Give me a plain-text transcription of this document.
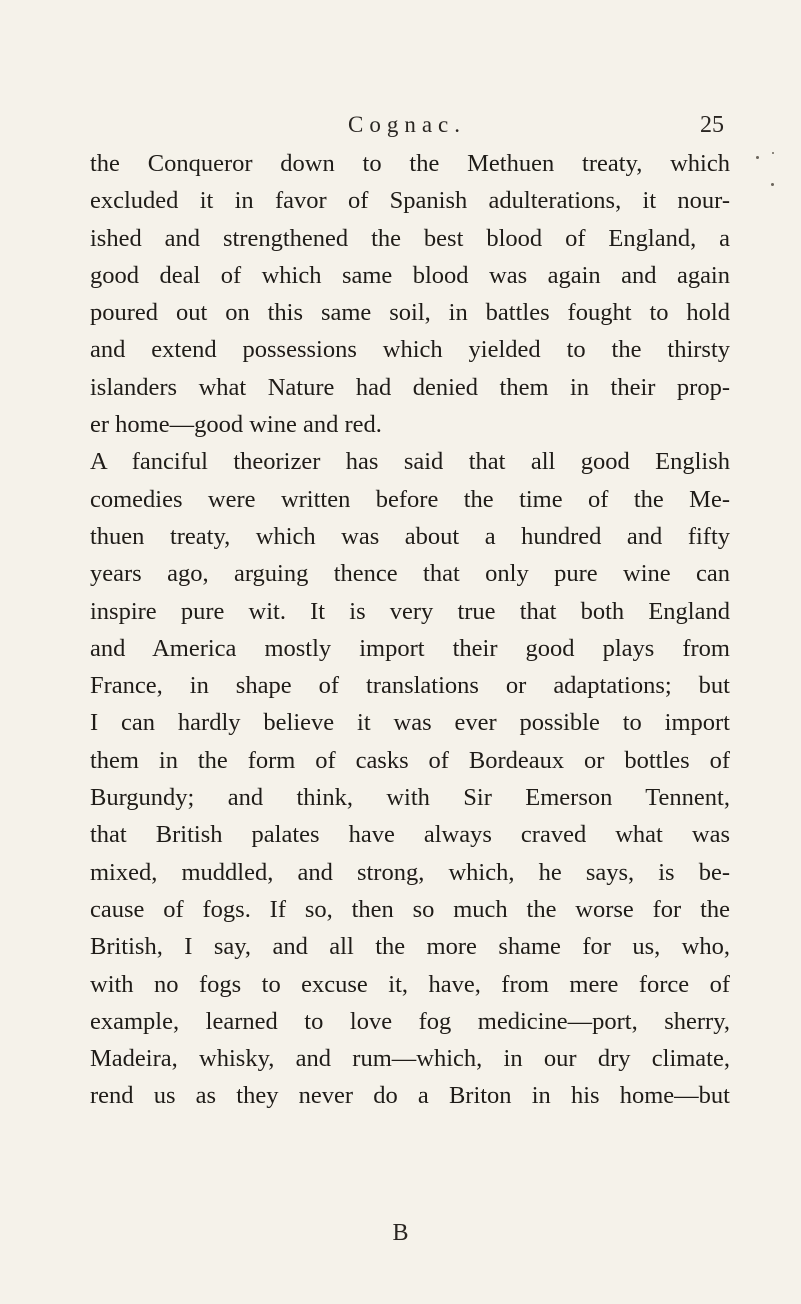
Cognac.	25
the Conqueror down to the Methuen treaty, which
excluded it in favor of Spanish adulterations, it nour-
ished and strengthened the best blood of England, a
good deal of which same blood was again and again
poured out on this same soil, in battles fought to hold
and extend possessions which yielded to the thirsty
islanders what Nature had denied them in their prop-
er home—good wine and red.
A fanciful theorizer has said that all good English
comedies were written before the time of the Me-
thuen treaty, which was about a hundred and fifty
years ago, arguing thence that only pure wine can
inspire pure wit. It is very true that both England
and America mostly import their good plays from
France, in shape of translations or adaptations; but
I can hardly believe it was ever possible to import
them in the form of casks of Bordeaux or bottles of
Burgundy; and think, with Sir Emerson Tennent,
that British palates have always craved what was
mixed, muddled, and strong, which, he says, is be-
cause of fogs. If so, then so much the worse for the
British, I say, and all the more shame for us, who,
with no fogs to excuse it, have, from mere force of
example, learned to love fog medicine—port, sherry,
Madeira, whisky, and rum—which, in our dry climate,
rend us as they never do a Briton in his home—but
B
